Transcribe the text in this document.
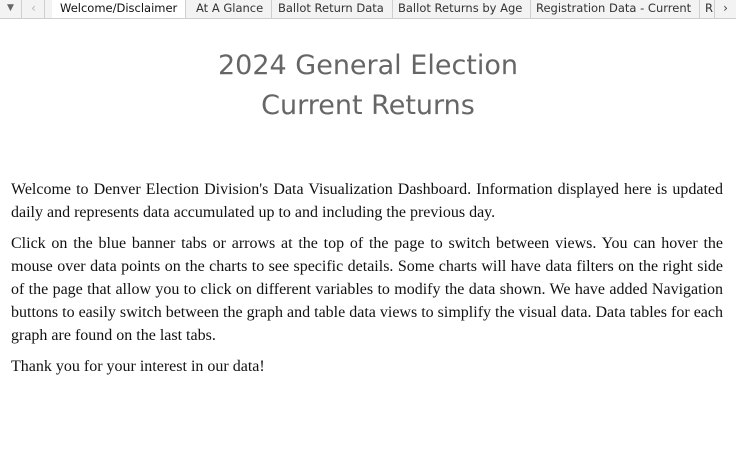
▼	‹	Welcome/Disclaimer	At A Glance	Ballot Return Data	Ballot Returns by Age	Registration Data - Current	R ›
2024 General Election
Current Returns

Welcome to Denver Election Division's Data Visualization Dashboard. Information displayed here is updated daily and represents data accumulated up to and including the previous day.

Click on the blue banner tabs or arrows at the top of the page to switch between views. You can hover the mouse over data points on the charts to see specific details. Some charts will have data filters on the right side of the page that allow you to click on different variables to modify the data shown. We have added Navigation buttons to easily switch between the graph and table data views to simplify the visual data. Data tables for each graph are found on the last tabs.

Thank you for your interest in our data!
